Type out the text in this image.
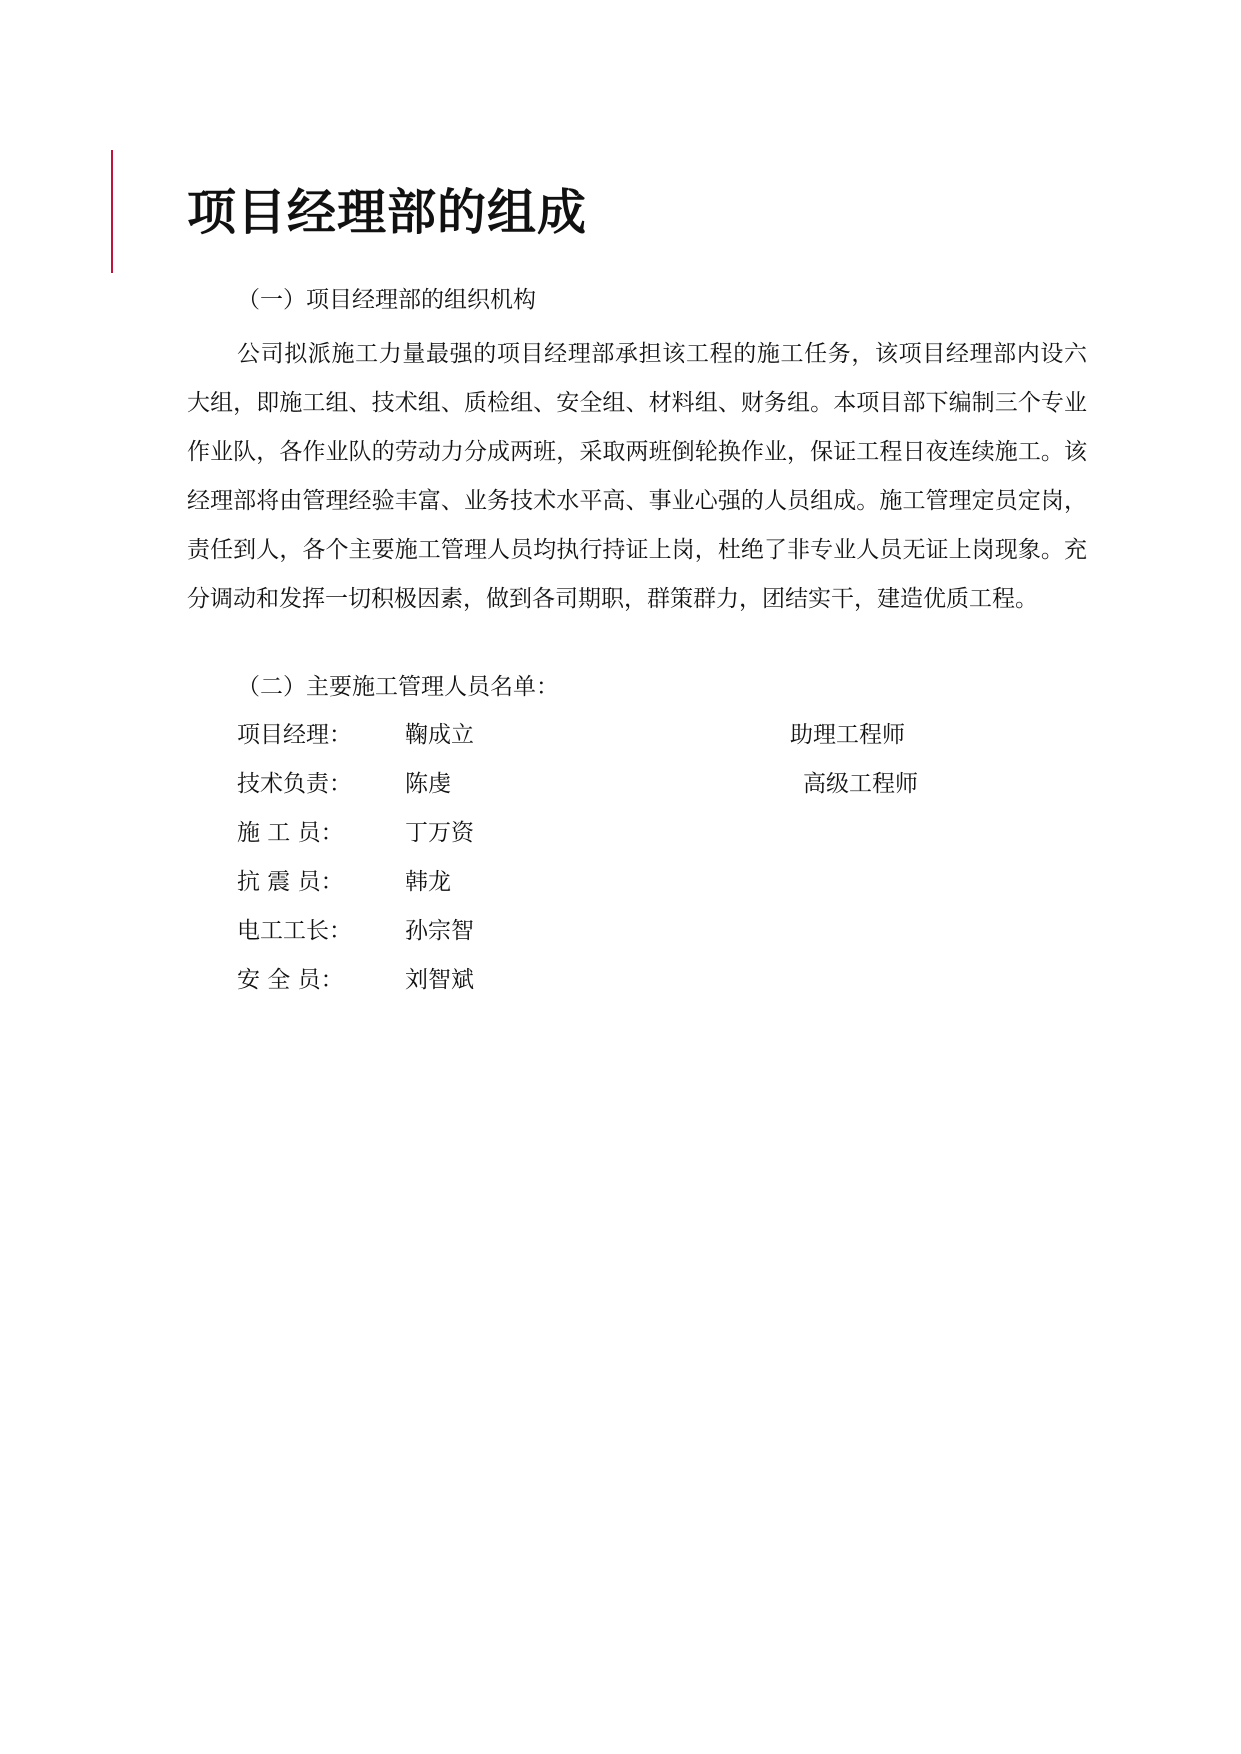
项目经理部的组成

（一）项目经理部的组织机构

公司拟派施工力量最强的项目经理部承担该工程的施工任务，该项目经理部内设六大组，即施工组、技术组、质检组、安全组、材料组、财务组。本项目部下编制三个专业作业队，各作业队的劳动力分成两班，采取两班倒轮换作业，保证工程日夜连续施工。该经理部将由管理经验丰富、业务技术水平高、事业心强的人员组成。施工管理定员定岗，责任到人，各个主要施工管理人员均执行持证上岗，杜绝了非专业人员无证上岗现象。充分调动和发挥一切积极因素，做到各司期职，群策群力，团结实干，建造优质工程。

（二）主要施工管理人员名单：

项目经理： 鞠成立	助理工程师
技术负责： 陈虔	高级工程师
施 工 员：	丁万资
抗 震 员：	韩龙
电工工长： 孙宗智
安 全 员：	刘智斌
